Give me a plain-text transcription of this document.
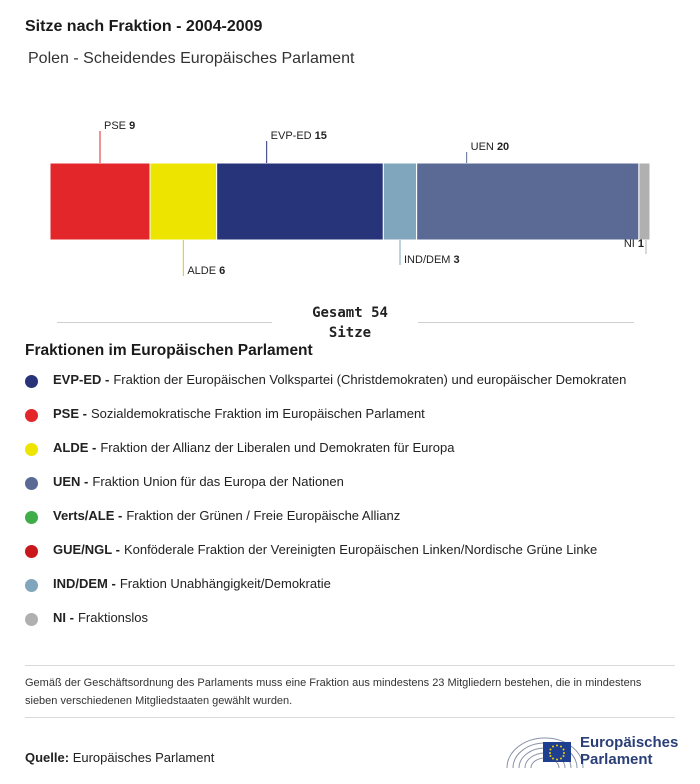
Sitze nach Fraktion - 2004-2009
Polen - Scheidendes Europäisches Parlament
PSE 9
ALDE 6
EVP-ED 15
IND/DEM 3
UEN 20
NI 1
Gesamt 54
Sitze
Fraktionen im Europäischen Parlament
EVP-ED - Fraktion der Europäischen Volkspartei (Christdemokraten) und europäischer Demokraten
PSE - Sozialdemokratische Fraktion im Europäischen Parlament
ALDE - Fraktion der Allianz der Liberalen und Demokraten für Europa
UEN - Fraktion Union für das Europa der Nationen
Verts/ALE - Fraktion der Grünen / Freie Europäische Allianz
GUE/NGL - Konföderale Fraktion der Vereinigten Europäischen Linken/Nordische Grüne Linke
IND/DEM - Fraktion Unabhängigkeit/Demokratie
NI - Fraktionslos
Gemäß der Geschäftsordnung des Parlaments muss eine Fraktion aus mindestens 23 Mitgliedern bestehen, die in mindestens sieben verschiedenen Mitgliedstaaten gewählt wurden.
Quelle: Europäisches Parlament
Europäisches
Parlament
